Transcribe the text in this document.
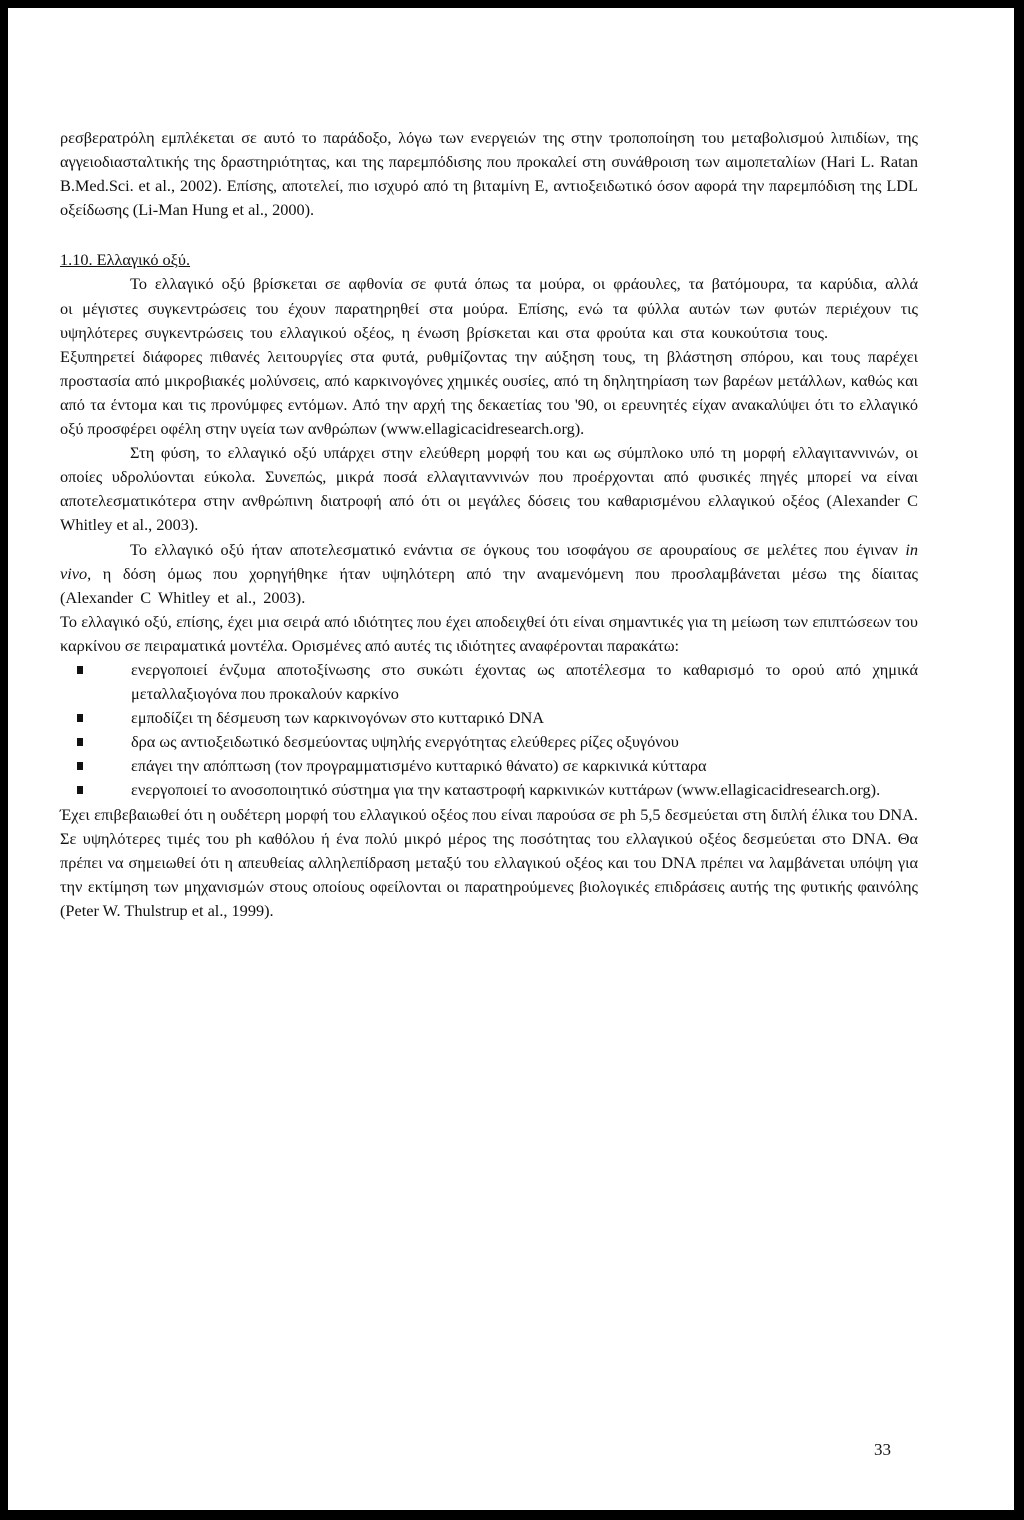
ρεσβερατρόλη εμπλέκεται σε αυτό το παράδοξο, λόγω των ενεργειών της στην τροποποίηση του μεταβολισμού λιπιδίων, της αγγειοδιασταλτικής της δραστηριότητας, και της παρεμπόδισης που προκαλεί στη συνάθροιση των αιμοπεταλίων (Hari L. Ratan B.Med.Sci. et al., 2002). Επίσης, αποτελεί, πιο ισχυρό από τη βιταμίνη Ε, αντιοξειδωτικό όσον αφορά την παρεμπόδιση της LDL οξείδωσης (Li-Man Hung et al., 2000).

1.10. Ελλαγικό οξύ.

Το ελλαγικό οξύ βρίσκεται σε αφθονία σε φυτά όπως τα μούρα, οι φράουλες, τα βατόμουρα, τα καρύδια, αλλά οι μέγιστες συγκεντρώσεις του έχουν παρατηρηθεί στα μούρα. Επίσης, ενώ τα φύλλα αυτών των φυτών περιέχουν τις υψηλότερες συγκεντρώσεις του ελλαγικού οξέος, η ένωση βρίσκεται και στα φρούτα και στα κουκούτσια τους.

Εξυπηρετεί διάφορες πιθανές λειτουργίες στα φυτά, ρυθμίζοντας την αύξηση τους, τη βλάστηση σπόρου, και τους παρέχει προστασία από μικροβιακές μολύνσεις, από καρκινογόνες χημικές ουσίες, από τη δηλητηρίαση των βαρέων μετάλλων, καθώς και από τα έντομα και τις προνύμφες εντόμων. Από την αρχή της δεκαετίας του '90, οι ερευνητές είχαν ανακαλύψει ότι το ελλαγικό οξύ προσφέρει οφέλη στην υγεία των ανθρώπων (www.ellagicacidresearch.org).

Στη φύση, το ελλαγικό οξύ υπάρχει στην ελεύθερη μορφή του και ως σύμπλοκο υπό τη μορφή ελλαγιταννινών, οι οποίες υδρολύονται εύκολα. Συνεπώς, μικρά ποσά ελλαγιταννινών που προέρχονται από φυσικές πηγές μπορεί να είναι αποτελεσματικότερα στην ανθρώπινη διατροφή από ότι οι μεγάλες δόσεις του καθαρισμένου ελλαγικού οξέος (Alexander C Whitley et al., 2003).

Το ελλαγικό οξύ ήταν αποτελεσματικό ενάντια σε όγκους του ισοφάγου σε αρουραίους σε μελέτες που έγιναν in vivo, η δόση όμως που χορηγήθηκε ήταν υψηλότερη από την αναμενόμενη που προσλαμβάνεται μέσω της δίαιτας (Alexander C Whitley et al., 2003).

Το ελλαγικό οξύ, επίσης, έχει μια σειρά από ιδιότητες που έχει αποδειχθεί ότι είναι σημαντικές για τη μείωση των επιπτώσεων του καρκίνου σε πειραματικά μοντέλα. Ορισμένες από αυτές τις ιδιότητες αναφέρονται παρακάτω:

ενεργοποιεί ένζυμα αποτοξίνωσης στο συκώτι έχοντας ως αποτέλεσμα το καθαρισμό το ορού από χημικά μεταλλαξιογόνα που προκαλούν καρκίνο
εμποδίζει τη δέσμευση των καρκινογόνων στο κυτταρικό DNA
δρα ως αντιοξειδωτικό δεσμεύοντας υψηλής ενεργότητας ελεύθερες ρίζες οξυγόνου
επάγει την απόπτωση (τον προγραμματισμένο κυτταρικό θάνατο) σε καρκινικά κύτταρα
ενεργοποιεί το ανοσοποιητικό σύστημα για την καταστροφή καρκινικών κυττάρων (www.ellagicacidresearch.org).

Έχει επιβεβαιωθεί ότι η ουδέτερη μορφή του ελλαγικού οξέος που είναι παρούσα σε ph 5,5 δεσμεύεται στη διπλή έλικα του DNA. Σε υψηλότερες τιμές του ph καθόλου ή ένα πολύ μικρό μέρος της ποσότητας του ελλαγικού οξέος δεσμεύεται στο DNA. Θα πρέπει να σημειωθεί ότι η απευθείας αλληλεπίδραση μεταξύ του ελλαγικού οξέος και του DNA πρέπει να λαμβάνεται υπόψη για την εκτίμηση των μηχανισμών στους οποίους οφείλονται οι παρατηρούμενες βιολογικές επιδράσεις αυτής της φυτικής φαινόλης (Peter W. Thulstrup et al., 1999).

33
